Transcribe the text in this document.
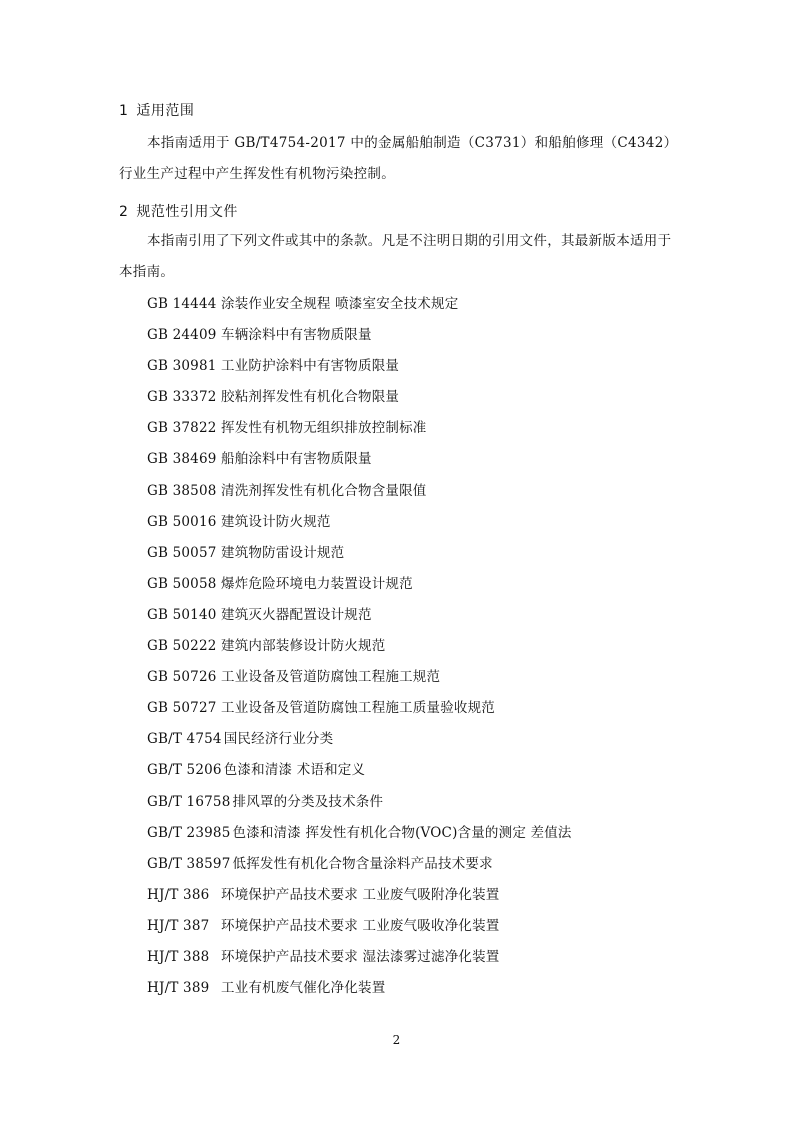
1 适用范围
本指南适用于 GB/T4754-2017 中的金属船舶制造（C3731）和船舶修理（C4342）行业生产过程中产生挥发性有机物污染控制。
2 规范性引用文件
本指南引用了下列文件或其中的条款。凡是不注明日期的引用文件，其最新版本适用于本指南。
GB 14444 涂装作业安全规程 喷漆室安全技术规定
GB 24409 车辆涂料中有害物质限量
GB 30981 工业防护涂料中有害物质限量
GB 33372 胶粘剂挥发性有机化合物限量
GB 37822 挥发性有机物无组织排放控制标准
GB 38469 船舶涂料中有害物质限量
GB 38508 清洗剂挥发性有机化合物含量限值
GB 50016 建筑设计防火规范
GB 50057 建筑物防雷设计规范
GB 50058 爆炸危险环境电力装置设计规范
GB 50140 建筑灭火器配置设计规范
GB 50222 建筑内部装修设计防火规范
GB 50726 工业设备及管道防腐蚀工程施工规范
GB 50727 工业设备及管道防腐蚀工程施工质量验收规范
GB/T 4754 国民经济行业分类
GB/T 5206 色漆和清漆 术语和定义
GB/T 16758 排风罩的分类及技术条件
GB/T 23985 色漆和清漆 挥发性有机化合物(VOC)含量的测定 差值法
GB/T 38597 低挥发性有机化合物含量涂料产品技术要求
HJ/T 386 环境保护产品技术要求 工业废气吸附净化装置
HJ/T 387 环境保护产品技术要求 工业废气吸收净化装置
HJ/T 388 环境保护产品技术要求 湿法漆雾过滤净化装置
HJ/T 389 工业有机废气催化净化装置
2
